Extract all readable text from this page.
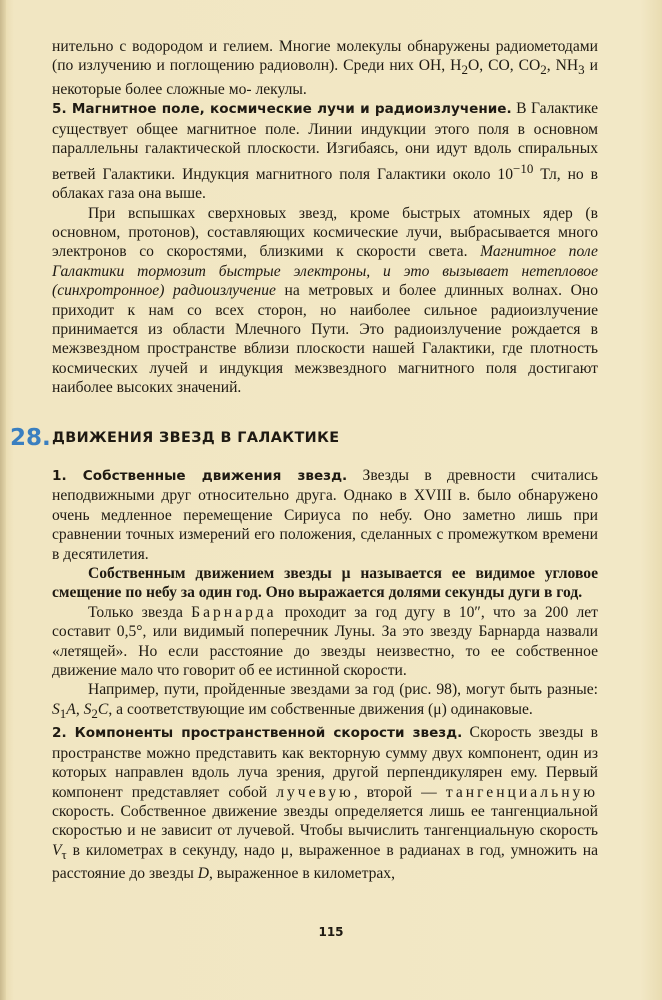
нительно с водородом и гелием. Многие молекулы обнаружены радиометодами (по излучению и поглощению радиоволн). Среди них ОН, $H_2O$, CO, $CO_2$, $NH_3$ и некоторые более сложные мо- лекулы.

5. Магнитное поле, космические лучи и радиоизлучение. В Галактике существует общее магнитное поле. Линии индукции этого поля в основном параллельны галактической плоскости. Изгибаясь, они идут вдоль спиральных ветвей Галактики. Индукция магнитного поля Галактики около $10^{-10}$ Тл, но в облаках газа она выше.

При вспышках сверхновых звезд, кроме быстрых атомных ядер (в основном, протонов), составляющих космические лучи, выбрасывается много электронов со скоростями, близкими к скорости света. Магнитное поле Галактики тормозит быстрые электроны, и это вызывает нетепловое (синхротронное) радиоизлучение на метровых и более длинных волнах. Оно приходит к нам со всех сторон, но наиболее сильное радиоизлучение принимается из области Млечного Пути. Это радиоизлучение рождается в межзвездном пространстве вблизи плоскости нашей Галактики, где плотность космических лучей и индукция межзвездного магнитного поля достигают наиболее высоких значений.

28. ДВИЖЕНИЯ ЗВЕЗД В ГАЛАКТИКЕ

1. Собственные движения звезд. Звезды в древности считались неподвижными друг относительно друга. Однако в XVIII в. было обнаружено очень медленное перемещение Сириуса по небу. Оно заметно лишь при сравнении точных измерений его положения, сделанных с промежутком времени в десятилетия.

Собственным движением звезды μ называется ее видимое угловое смещение по небу за один год. Оно выражается долями секунды дуги в год.

Только звезда Барнарда проходит за год дугу в 10″, что за 200 лет составит 0,5°, или видимый поперечник Луны. За это звезду Барнарда назвали «летящей». Но если расстояние до звезды неизвестно, то ее собственное движение мало что говорит об ее истинной скорости.

Например, пути, пройденные звездами за год (рис. 98), могут быть разные: $S_1A$, $S_2C$, а соответствующие им собственные движения (μ) одинаковые.

2. Компоненты пространственной скорости звезд. Скорость звезды в пространстве можно представить как векторную сумму двух компонент, один из которых направлен вдоль луча зрения, другой перпендикулярен ему. Первый компонент представляет собой лучевую, второй — тангенциальную скорость. Собственное движение звезды определяется лишь ее тангенциальной скоростью и не зависит от лучевой. Чтобы вычислить тангенциальную скорость $V_\tau$ в километрах в секунду, надо μ, выраженное в радианах в год, умножить на расстояние до звезды D, выраженное в километрах,

115
